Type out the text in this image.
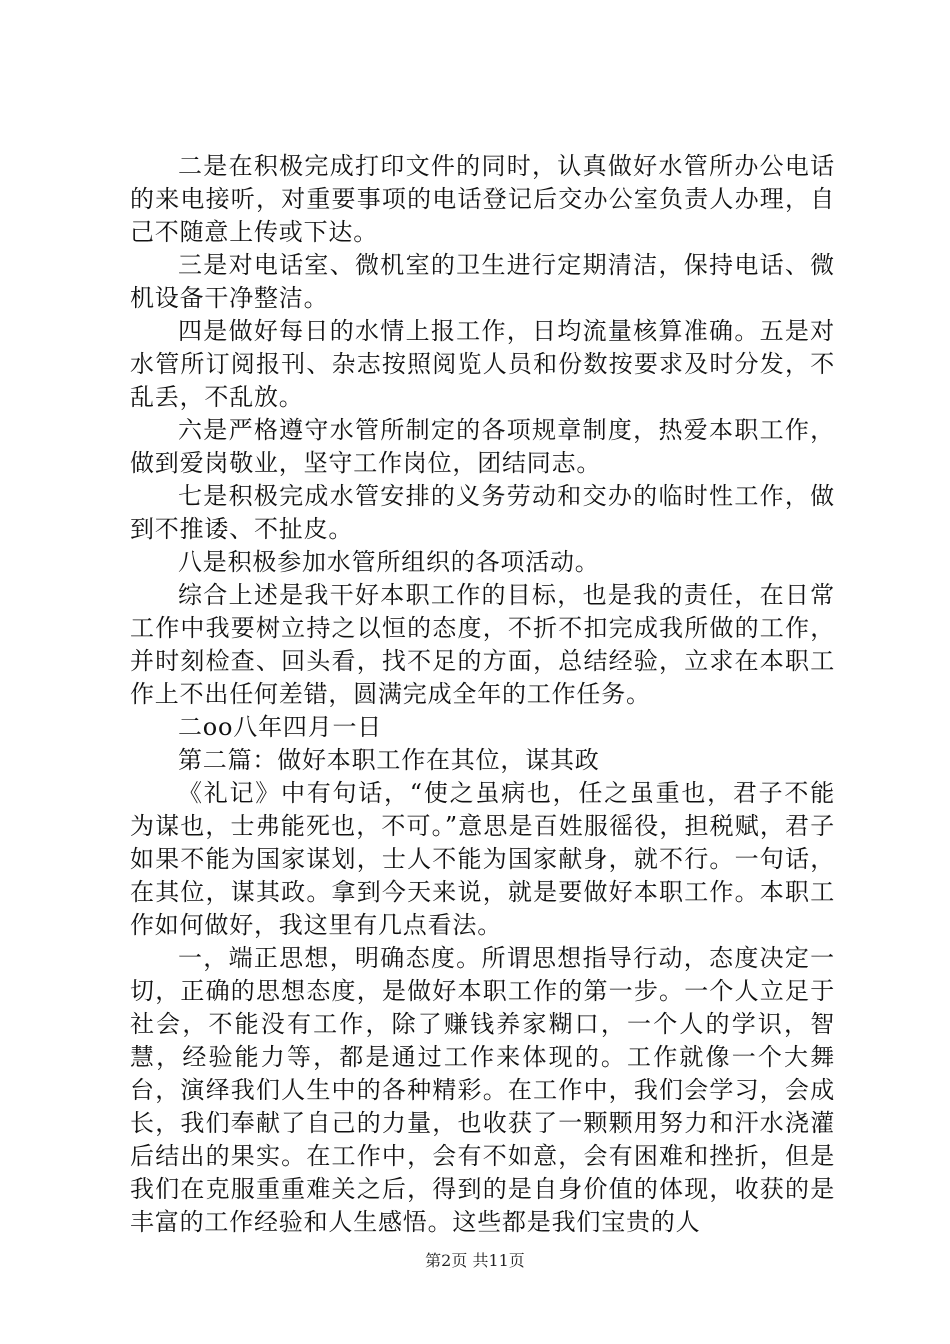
二是在积极完成打印文件的同时，认真做好水管所办公电话的来电接听，对重要事项的电话登记后交办公室负责人办理，自己不随意上传或下达。

三是对电话室、微机室的卫生进行定期清洁，保持电话、微机设备干净整洁。

四是做好每日的水情上报工作，日均流量核算准确。五是对水管所订阅报刊、杂志按照阅览人员和份数按要求及时分发，不乱丢，不乱放。

六是严格遵守水管所制定的各项规章制度，热爱本职工作，做到爱岗敬业，坚守工作岗位，团结同志。

七是积极完成水管安排的义务劳动和交办的临时性工作，做到不推诿、不扯皮。

八是积极参加水管所组织的各项活动。

综合上述是我干好本职工作的目标，也是我的责任，在日常工作中我要树立持之以恒的态度，不折不扣完成我所做的工作，并时刻检查、回头看，找不足的方面，总结经验，立求在本职工作上不出任何差错，圆满完成全年的工作任务。

二oo八年四月一日

第二篇：做好本职工作在其位，谋其政

《礼记》中有句话，“使之虽病也，任之虽重也，君子不能为谋也，士弗能死也，不可。”意思是百姓服徭役，担税赋，君子如果不能为国家谋划，士人不能为国家献身，就不行。一句话，在其位，谋其政。拿到今天来说，就是要做好本职工作。本职工作如何做好，我这里有几点看法。

一，端正思想，明确态度。所谓思想指导行动，态度决定一切，正确的思想态度，是做好本职工作的第一步。一个人立足于社会，不能没有工作，除了赚钱养家糊口，一个人的学识，智慧，经验能力等，都是通过工作来体现的。工作就像一个大舞台，演绎我们人生中的各种精彩。在工作中，我们会学习，会成长，我们奉献了自己的力量，也收获了一颗颗用努力和汗水浇灌后结出的果实。在工作中，会有不如意，会有困难和挫折，但是我们在克服重重难关之后，得到的是自身价值的体现，收获的是丰富的工作经验和人生感悟。这些都是我们宝贵的人

第2页 共11页
